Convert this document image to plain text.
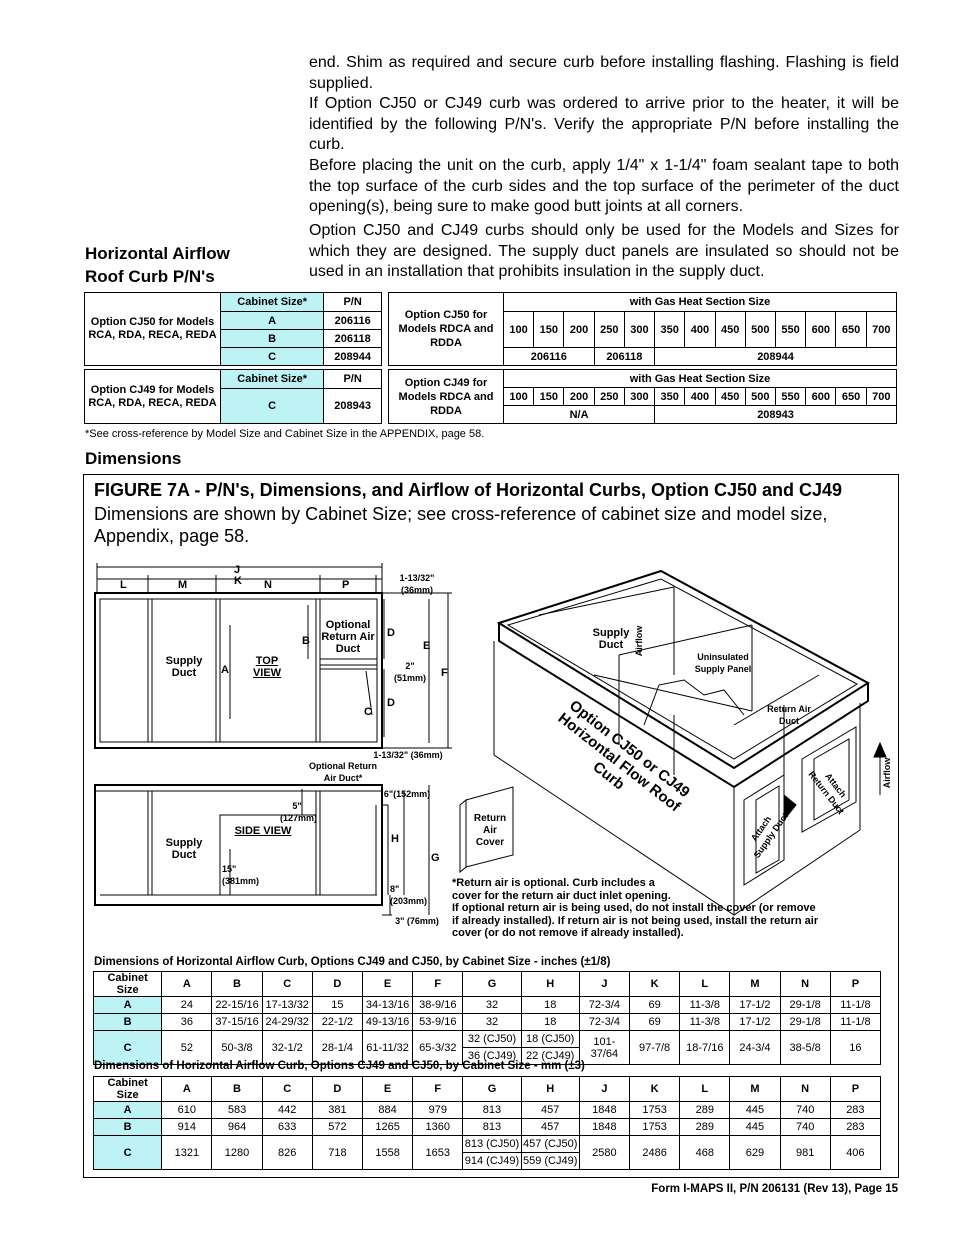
end. Shim as required and secure curb before installing flashing. Flashing is field supplied.

If Option CJ50 or CJ49 curb was ordered to arrive prior to the heater, it will be identified by the following P/N's. Verify the appropriate P/N before installing the curb.

Before placing the unit on the curb, apply 1/4" x 1-1/4" foam sealant tape to both the top surface of the curb sides and the top surface of the perimeter of the duct opening(s), being sure to make good butt joints at all corners.

Option CJ50 and CJ49 curbs should only be used for the Models and Sizes for which they are designed. The supply duct panels are insulated so should not be used in an installation that prohibits insulation in the supply duct.

Horizontal Airflow
Roof Curb P/N's
Option CJ50 for Models RCA, RDA, RECA, REDA	Cabinet Size*	P/N
	A	206116
	B	206118
	C	208944
Option CJ49 for Models RCA, RDA, RECA, REDA	Cabinet Size*	P/N
	C	208943
Option CJ50 for Models RDCA and RDDA	with Gas Heat Section Size												
	100	150	200	250	300	350	400	450	500	550	600	650	700
	206116			206118		208944							
Option CJ49 for Models RDCA and RDDA	with Gas Heat Section Size												
	100	150	200	250	300	350	400	450	500	550	600	650	700
	N/A					208943							
*See cross-reference by Model Size and Cabinet Size in the APPENDIX, page 58.
Dimensions
FIGURE 7A - P/N's, Dimensions, and Airflow of Horizontal Curbs, Option CJ50 and CJ49
Dimensions are shown by Cabinet Size; see cross-reference of cabinet size and model size, Appendix, page 58.
J
K
L	M	N	P
1-13/32" (36mm)
Supply Duct	A
TOP VIEW
B
Optional Return Air Duct
D
D
C
2" (51mm)
E
F
1-13/32" (36mm)
Optional Return Air Duct*
5" (127mm)
SIDE VIEW
Supply Duct
15" (381mm)
6"(152mm)
H
G
8" (203mm)
3" (76mm)
Supply Duct	Airflow
Uninsulated Supply Panel
Return Air Duct
Option CJ50 or CJ49 Horizontal Flow Roof Curb
Attach Supply Duct
Attach Return Duct	Airflow
Return Air Cover
*Return air is optional. Curb includes a
cover for the return air duct inlet opening.
If optional return air is being used, do not install the cover (or remove
if already installed). If return air is not being used, install the return air
cover (or do not remove if already installed).
Dimensions of Horizontal Airflow Curb, Options CJ49 and CJ50, by Cabinet Size - inches (±1/8)
Cabinet Size	A	B	C	D	E	F	G	H	J	K	L	M	N	P
A	24	22-15/16	17-13/32	15	34-13/16	38-9/16	32	18	72-3/4	69	11-3/8	17-1/2	29-1/8	11-1/8
B	36	37-15/16	24-29/32	22-1/2	49-13/16	53-9/16	32	18	72-3/4	69	11-3/8	17-1/2	29-1/8	11-1/8
C	52	50-3/8	32-1/2	28-1/4	61-11/32	65-3/32	32 (CJ50)	18 (CJ50)	101-37/64	97-7/8	18-7/16	24-3/4	38-5/8	16
							36 (CJ49)	22 (CJ49)						
Dimensions of Horizontal Airflow Curb, Options CJ49 and CJ50, by Cabinet Size - mm (±3)
Cabinet Size	A	B	C	D	E	F	G	H	J	K	L	M	N	P
A	610	583	442	381	884	979	813	457	1848	1753	289	445	740	283
B	914	964	633	572	1265	1360	813	457	1848	1753	289	445	740	283
C	1321	1280	826	718	1558	1653	813 (CJ50)	457 (CJ50)	2580	2486	468	629	981	406
							914 (CJ49)	559 (CJ49)						
Form I-MAPS II, P/N 206131 (Rev 13), Page 15
